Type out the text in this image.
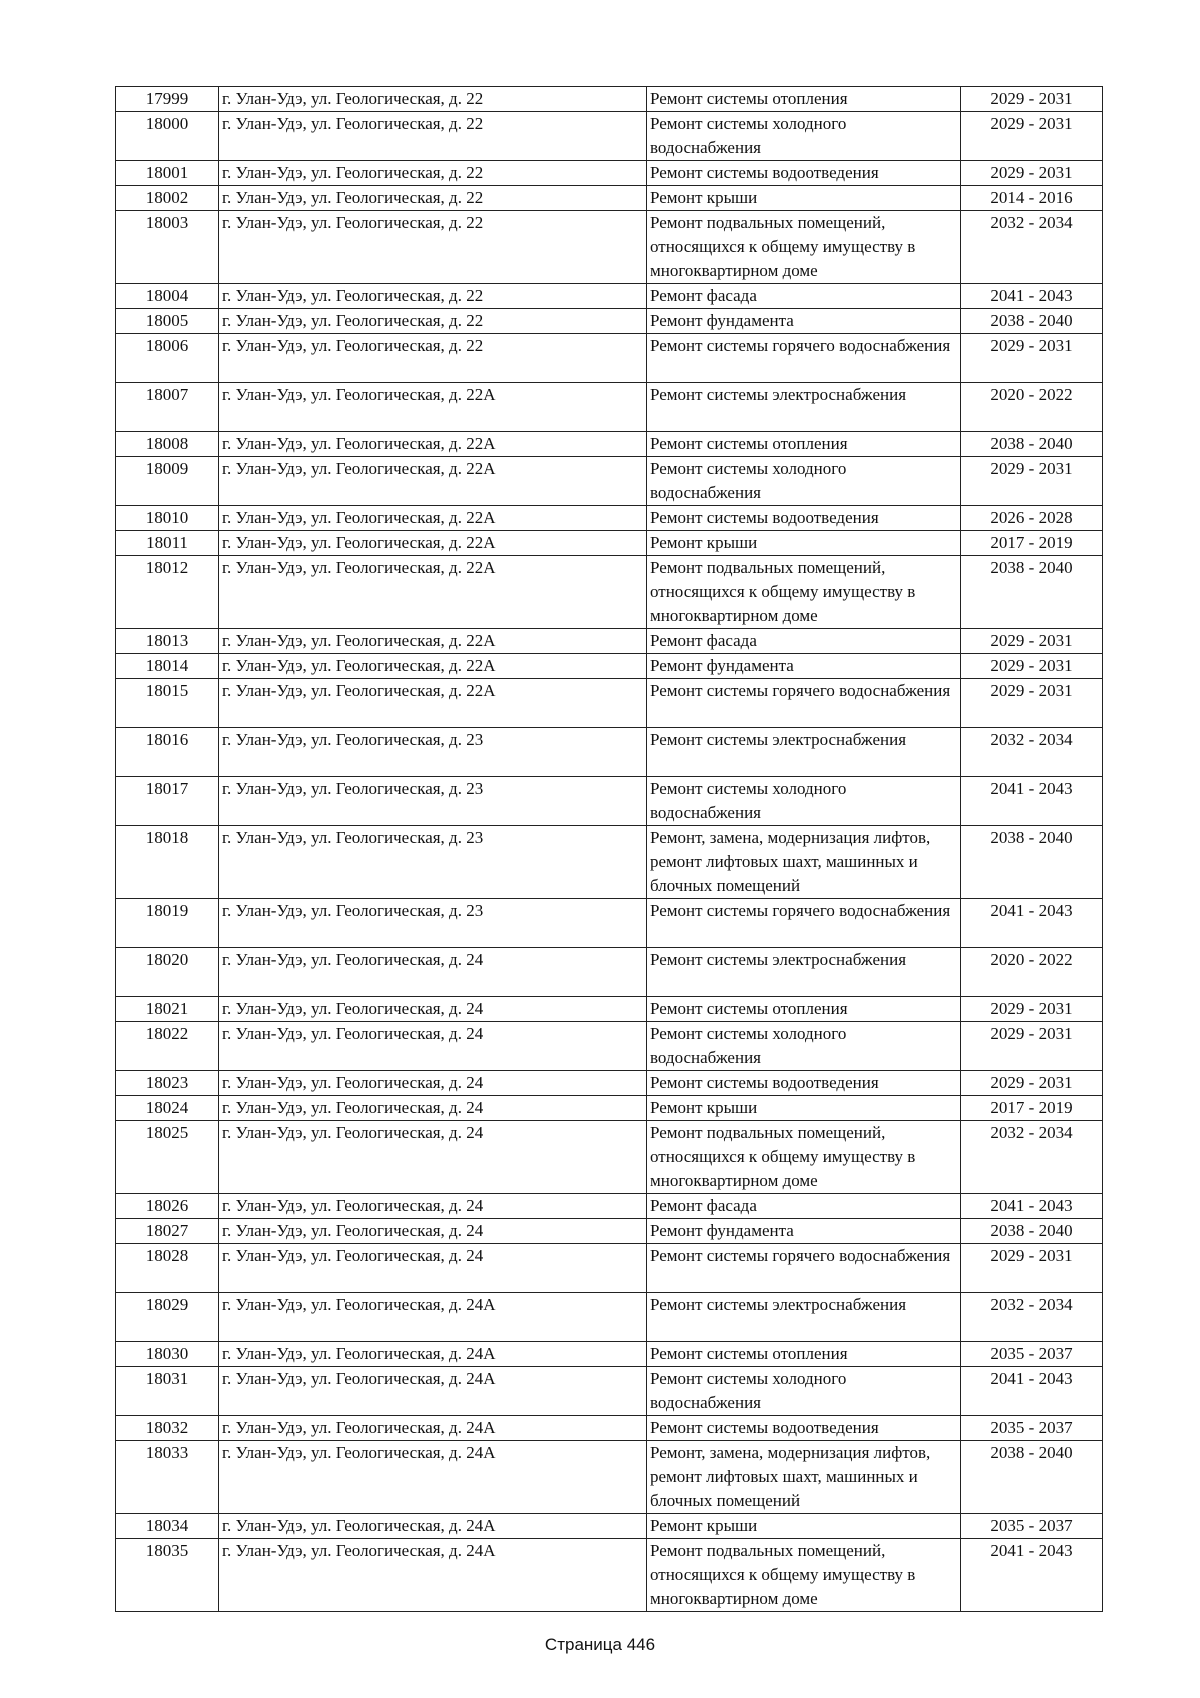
17999	г. Улан-Удэ, ул. Геологическая, д. 22	Ремонт системы отопления	2029 - 2031
18000	г. Улан-Удэ, ул. Геологическая, д. 22	Ремонт системы холодного водоснабжения	2029 - 2031
18001	г. Улан-Удэ, ул. Геологическая, д. 22	Ремонт системы водоотведения	2029 - 2031
18002	г. Улан-Удэ, ул. Геологическая, д. 22	Ремонт крыши	2014 - 2016
18003	г. Улан-Удэ, ул. Геологическая, д. 22	Ремонт подвальных помещений, относящихся к общему имуществу в многоквартирном доме	2032 - 2034
18004	г. Улан-Удэ, ул. Геологическая, д. 22	Ремонт фасада	2041 - 2043
18005	г. Улан-Удэ, ул. Геологическая, д. 22	Ремонт фундамента	2038 - 2040
18006	г. Улан-Удэ, ул. Геологическая, д. 22	Ремонт системы горячего водоснабжения	2029 - 2031
18007	г. Улан-Удэ, ул. Геологическая, д. 22А	Ремонт системы электроснабжения	2020 - 2022
18008	г. Улан-Удэ, ул. Геологическая, д. 22А	Ремонт системы отопления	2038 - 2040
18009	г. Улан-Удэ, ул. Геологическая, д. 22А	Ремонт системы холодного водоснабжения	2029 - 2031
18010	г. Улан-Удэ, ул. Геологическая, д. 22А	Ремонт системы водоотведения	2026 - 2028
18011	г. Улан-Удэ, ул. Геологическая, д. 22А	Ремонт крыши	2017 - 2019
18012	г. Улан-Удэ, ул. Геологическая, д. 22А	Ремонт подвальных помещений, относящихся к общему имуществу в многоквартирном доме	2038 - 2040
18013	г. Улан-Удэ, ул. Геологическая, д. 22А	Ремонт фасада	2029 - 2031
18014	г. Улан-Удэ, ул. Геологическая, д. 22А	Ремонт фундамента	2029 - 2031
18015	г. Улан-Удэ, ул. Геологическая, д. 22А	Ремонт системы горячего водоснабжения	2029 - 2031
18016	г. Улан-Удэ, ул. Геологическая, д. 23	Ремонт системы электроснабжения	2032 - 2034
18017	г. Улан-Удэ, ул. Геологическая, д. 23	Ремонт системы холодного водоснабжения	2041 - 2043
18018	г. Улан-Удэ, ул. Геологическая, д. 23	Ремонт, замена, модернизация лифтов, ремонт лифтовых шахт, машинных и блочных помещений	2038 - 2040
18019	г. Улан-Удэ, ул. Геологическая, д. 23	Ремонт системы горячего водоснабжения	2041 - 2043
18020	г. Улан-Удэ, ул. Геологическая, д. 24	Ремонт системы электроснабжения	2020 - 2022
18021	г. Улан-Удэ, ул. Геологическая, д. 24	Ремонт системы отопления	2029 - 2031
18022	г. Улан-Удэ, ул. Геологическая, д. 24	Ремонт системы холодного водоснабжения	2029 - 2031
18023	г. Улан-Удэ, ул. Геологическая, д. 24	Ремонт системы водоотведения	2029 - 2031
18024	г. Улан-Удэ, ул. Геологическая, д. 24	Ремонт крыши	2017 - 2019
18025	г. Улан-Удэ, ул. Геологическая, д. 24	Ремонт подвальных помещений, относящихся к общему имуществу в многоквартирном доме	2032 - 2034
18026	г. Улан-Удэ, ул. Геологическая, д. 24	Ремонт фасада	2041 - 2043
18027	г. Улан-Удэ, ул. Геологическая, д. 24	Ремонт фундамента	2038 - 2040
18028	г. Улан-Удэ, ул. Геологическая, д. 24	Ремонт системы горячего водоснабжения	2029 - 2031
18029	г. Улан-Удэ, ул. Геологическая, д. 24А	Ремонт системы электроснабжения	2032 - 2034
18030	г. Улан-Удэ, ул. Геологическая, д. 24А	Ремонт системы отопления	2035 - 2037
18031	г. Улан-Удэ, ул. Геологическая, д. 24А	Ремонт системы холодного водоснабжения	2041 - 2043
18032	г. Улан-Удэ, ул. Геологическая, д. 24А	Ремонт системы водоотведения	2035 - 2037
18033	г. Улан-Удэ, ул. Геологическая, д. 24А	Ремонт, замена, модернизация лифтов, ремонт лифтовых шахт, машинных и блочных помещений	2038 - 2040
18034	г. Улан-Удэ, ул. Геологическая, д. 24А	Ремонт крыши	2035 - 2037
18035	г. Улан-Удэ, ул. Геологическая, д. 24А	Ремонт подвальных помещений, относящихся к общему имуществу в многоквартирном доме	2041 - 2043
Страница 446
